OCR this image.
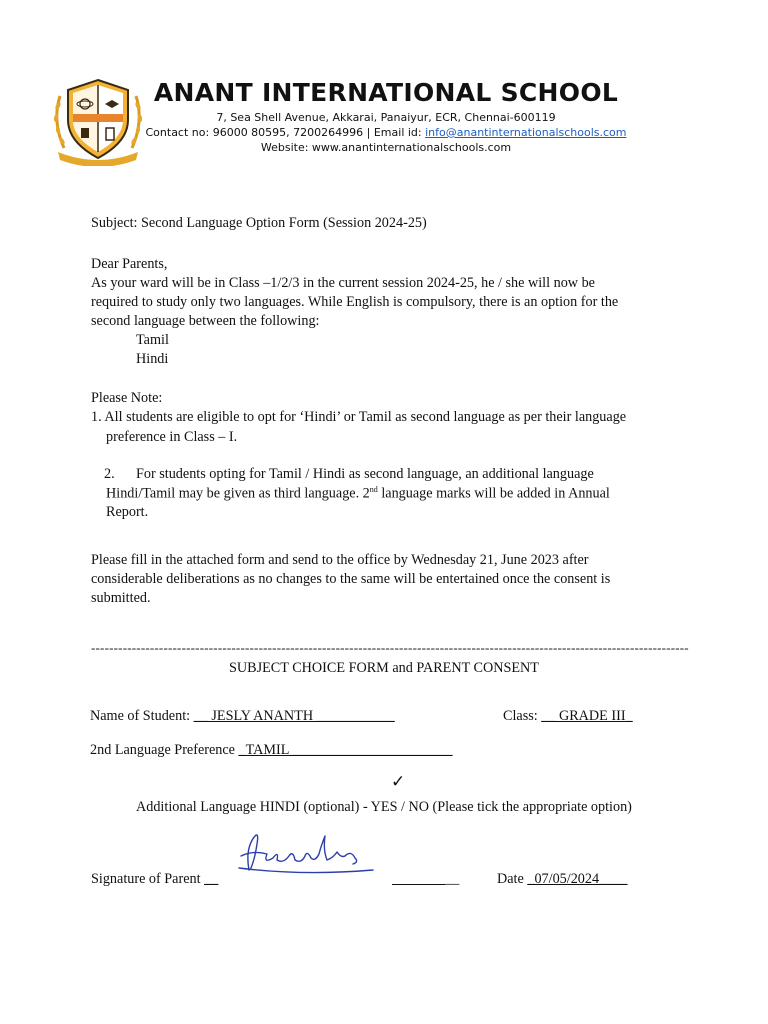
ANANT INTERNATIONAL SCHOOL
7, Sea Shell Avenue, Akkarai, Panaiyur, ECR, Chennai-600119
Contact no: 96000 80595, 7200264996 | Email id: info@anantinternationalschools.com
Website: www.anantinternationalschools.com
Subject: Second Language Option Form (Session 2024-25)
Dear Parents,
As your ward will be in Class –1/2/3 in the current session 2024-25, he / she will now be
required to study only two languages. While English is compulsory, there is an option for the
second language between the following:
Tamil
Hindi
Please Note:
1. All students are eligible to opt for ‘Hindi’ or Tamil as second language as per their language
preference in Class – I.
2. For students opting for Tamil / Hindi as second language, an additional language
Hindi/Tamil may be given as third language. 2nd language marks will be added in Annual
Report.
Please fill in the attached form and send to the office by Wednesday 21, June 2023 after
considerable deliberations as no changes to the same will be entertained once the consent is
submitted.
------------------------------------------------------------------------------------------------------------------------------------
SUBJECT CHOICE FORM and PARENT CONSENT
Name of Student: __ JESLY ANANTH ___________	Class: __ GRADE III_
2nd Language Preference _TAMIL_______________________
✓
Additional Language HINDI (optional) - YES / NO (Please tick the appropriate option)
Signature of Parent __	__	Date _07/05/2024____
